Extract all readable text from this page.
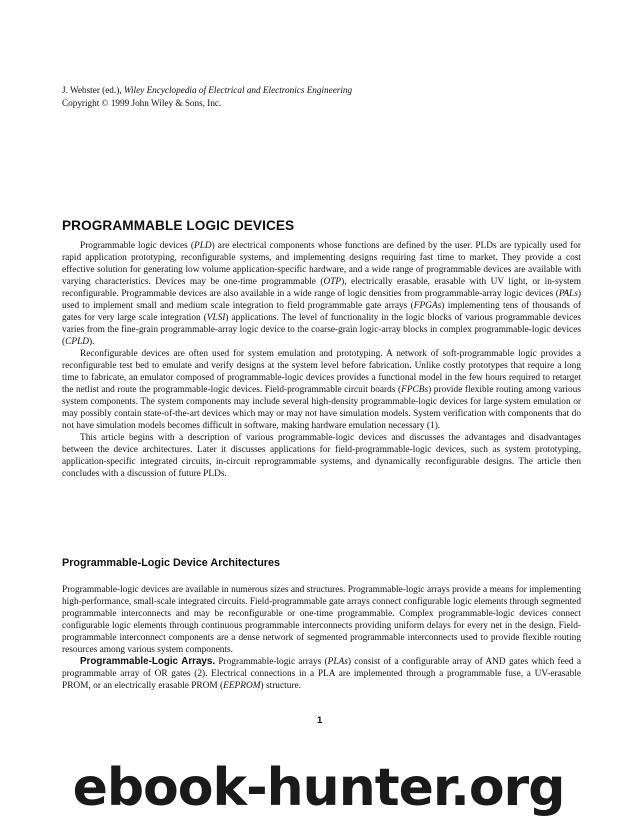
J. Webster (ed.), Wiley Encyclopedia of Electrical and Electronics Engineering
Copyright © 1999 John Wiley & Sons, Inc.
PROGRAMMABLE LOGIC DEVICES

Programmable logic devices (PLD) are electrical components whose functions are defined by the user. PLDs are typically used for rapid application prototyping, reconfigurable systems, and implementing designs requiring fast time to market. They provide a cost effective solution for generating low volume application-specific hardware, and a wide range of programmable devices are available with varying characteristics. Devices may be one-time programmable (OTP), electrically erasable, erasable with UV light, or in-system reconfigurable. Programmable devices are also available in a wide range of logic densities from programmable-array logic devices (PALs) used to implement small and medium scale integration to field programmable gate arrays (FPGAs) implementing tens of thousands of gates for very large scale integration (VLSI) applications. The level of functionality in the logic blocks of various programmable devices varies from the fine-grain programmable-array logic device to the coarse-grain logic-array blocks in complex programmable-logic devices (CPLD).

Reconfigurable devices are often used for system emulation and prototyping. A network of soft-programmable logic provides a reconfigurable test bed to emulate and verify designs at the system level before fabrication. Unlike costly prototypes that require a long time to fabricate, an emulator composed of programmable-logic devices provides a functional model in the few hours required to retarget the netlist and route the programmable-logic devices. Field-programmable circuit boards (FPCBs) provide flexible routing among various system components. The system components may include several high-density programmable-logic devices for large system emulation or may possibly contain state-of-the-art devices which may or may not have simulation models. System verification with components that do not have simulation models becomes difficult in software, making hardware emulation necessary (1).

This article begins with a description of various programmable-logic devices and discusses the advantages and disadvantages between the device architectures. Later it discusses applications for field-programmable-logic devices, such as system prototyping, application-specific integrated circuits, in-circuit reprogrammable systems, and dynamically reconfigurable designs. The article then concludes with a discussion of future PLDs.

Programmable-Logic Device Architectures

Programmable-logic devices are available in numerous sizes and structures. Programmable-logic arrays provide a means for implementing high-performance, small-scale integrated circuits. Field-programmable gate arrays connect configurable logic elements through segmented programmable interconnects and may be reconfigurable or one-time programmable. Complex programmable-logic devices connect configurable logic elements through continuous programmable interconnects providing uniform delays for every net in the design. Field-programmable interconnect components are a dense network of segmented programmable interconnects used to provide flexible routing resources among various system components.

Programmable-Logic Arrays. Programmable-logic arrays (PLAs) consist of a configurable array of AND gates which feed a programmable array of OR gates (2). Electrical connections in a PLA are implemented through a programmable fuse, a UV-erasable PROM, or an electrically erasable PROM (EEPROM) structure.

1
ebook-hunter.org
